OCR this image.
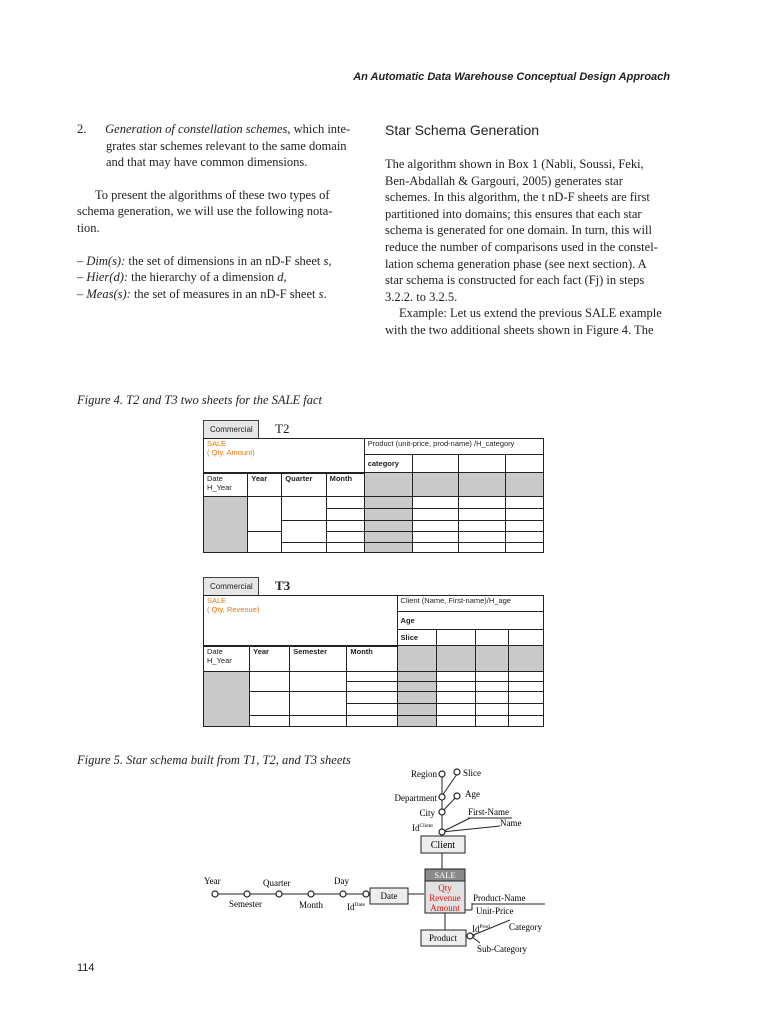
An Automatic Data Warehouse Conceptual Design Approach

2. Generation of constellation schemes, which inte-

grates star schemes relevant to the same domain

and that may have common dimensions.

To present the algorithms of these two types of

schema generation, we will use the following nota-

tion.

– Dim(s): the set of dimensions in an nD-F sheet s,

– Hier(d): the hierarchy of a dimension d,

– Meas(s): the set of measures in an nD-F sheet s.

Star Schema Generation

The algorithm shown in Box 1 (Nabli, Soussi, Feki,

Ben-Abdallah & Gargouri, 2005) generates star

schemes. In this algorithm, the t nD-F sheets are first

partitioned into domains; this ensures that each star

schema is generated for one domain. In turn, this will

reduce the number of comparisons used in the constel-

lation schema generation phase (see next section). A

star schema is constructed for each fact (Fj) in steps

3.2.2. to 3.2.5.

Example: Let us extend the previous SALE example

with the two additional sheets shown in Figure 4. The

Figure 4. T2 and T3 two sheets for the SALE fact
Commercial	T2
SALE
( Qty, Amount)				Product (unit-price, prod-name) /H_category			
				category			

Date
H_Year	Year	Quarter	Month				

Commercial	T3
SALE
( Qty, Revenue)				Client (Name, First-name)/H_age			
				Age			
				Slice			

Date
H_Year	Year	Semester	Month				

Figure 5. Star schema built from T1, T2, and T3 sheets
Client
SALE
Qty
Revenue
Amount
Date
Product
Region	Slice
Department	Age
City	First-Name
Name
$Id^{Client}$
Year	Quarter	Day
Semester	Month	$Id^{Date}$
Product-Name
Unit-Price
$Id^{Prod}$ Category
Sub-Category
114
